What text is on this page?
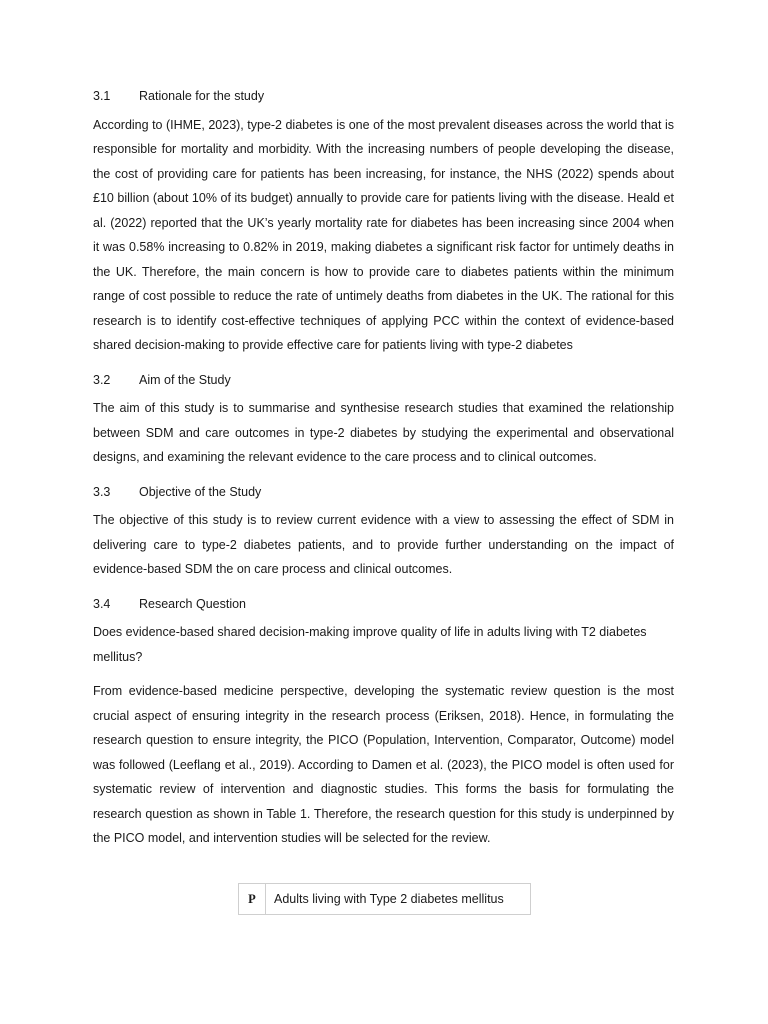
3.1	Rationale for the study

According to (IHME, 2023), type-2 diabetes is one of the most prevalent diseases across the world that is responsible for mortality and morbidity. With the increasing numbers of people developing the disease, the cost of providing care for patients has been increasing, for instance, the NHS (2022) spends about £10 billion (about 10% of its budget) annually to provide care for patients living with the disease. Heald et al. (2022) reported that the UK’s yearly mortality rate for diabetes has been increasing since 2004 when it was 0.58% increasing to 0.82% in 2019, making diabetes a significant risk factor for untimely deaths in the UK. Therefore, the main concern is how to provide care to diabetes patients within the minimum range of cost possible to reduce the rate of untimely deaths from diabetes in the UK. The rational for this research is to identify cost-effective techniques of applying PCC within the context of evidence-based shared decision-making to provide effective care for patients living with type-2 diabetes

3.2	Aim of the Study

The aim of this study is to summarise and synthesise research studies that examined the relationship between SDM and care outcomes in type-2 diabetes by studying the experimental and observational designs, and examining the relevant evidence to the care process and to clinical outcomes.

3.3	Objective of the Study

The objective of this study is to review current evidence with a view to assessing the effect of SDM in delivering care to type-2 diabetes patients, and to provide further understanding on the impact of evidence-based SDM the on care process and clinical outcomes.

3.4	Research Question

Does evidence-based shared decision-making improve quality of life in adults living with T2 diabetes mellitus?

From evidence-based medicine perspective, developing the systematic review question is the most crucial aspect of ensuring integrity in the research process (Eriksen, 2018). Hence, in formulating the research question to ensure integrity, the PICO (Population, Intervention, Comparator, Outcome) model was followed (Leeflang et al., 2019). According to Damen et al. (2023), the PICO model is often used for systematic review of intervention and diagnostic studies. This forms the basis for formulating the research question as shown in Table 1. Therefore, the research question for this study is underpinned by the PICO model, and intervention studies will be selected for the review.

P	Adults living with Type 2 diabetes mellitus
